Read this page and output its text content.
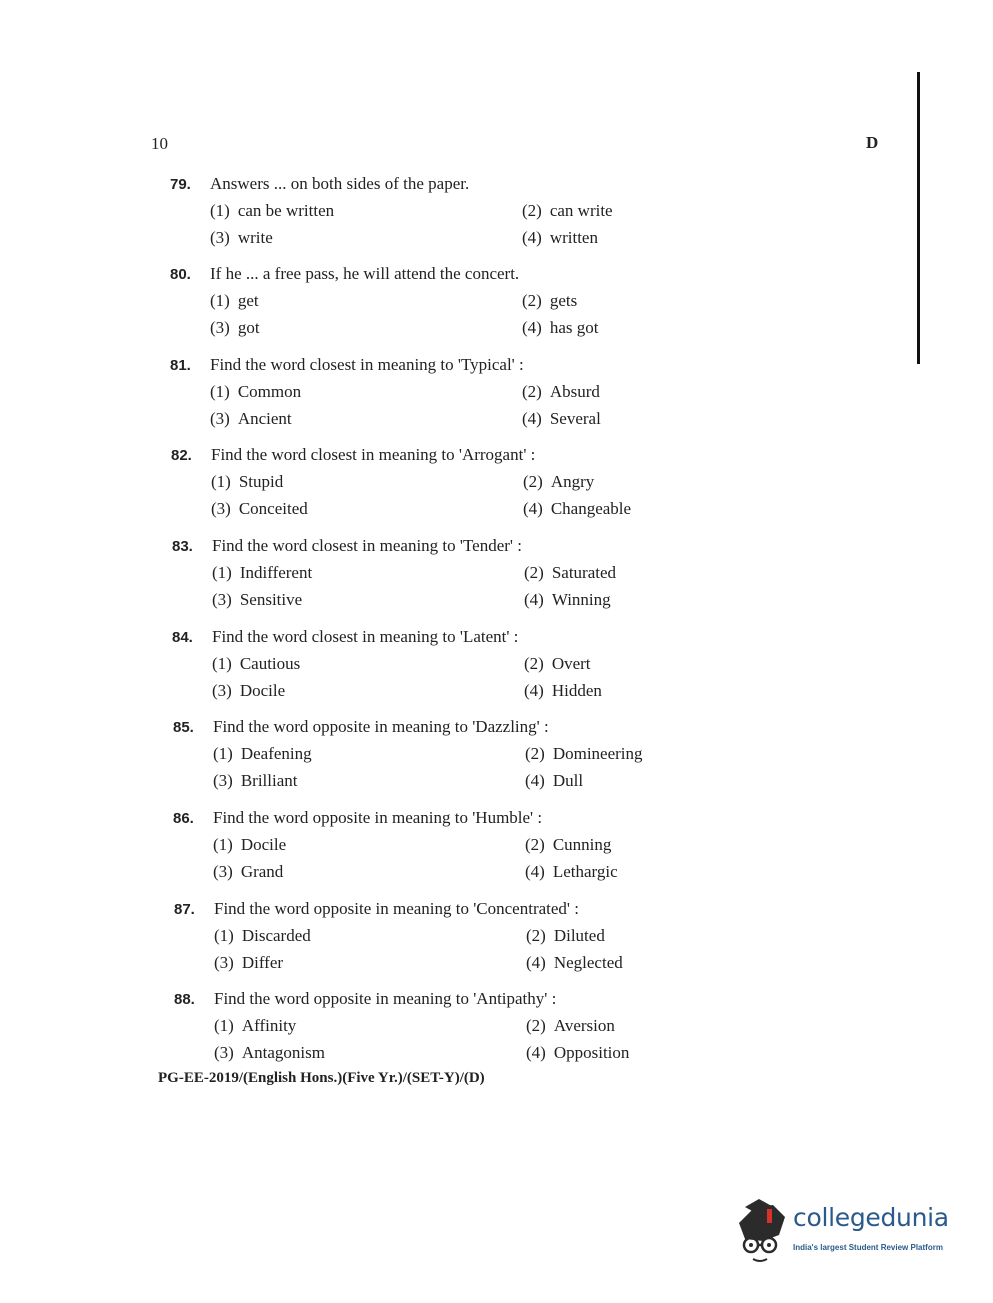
10	D
79. Answers ... on both sides of the paper.
(1) can be written	(2) can write
(3) write	(4) written
80. If he ... a free pass, he will attend the concert.
(1) get	(2) gets
(3) got	(4) has got
81. Find the word closest in meaning to 'Typical' :
(1) Common	(2) Absurd
(3) Ancient	(4) Several
82. Find the word closest in meaning to 'Arrogant' :
(1) Stupid	(2) Angry
(3) Conceited	(4) Changeable
83. Find the word closest in meaning to 'Tender' :
(1) Indifferent	(2) Saturated
(3) Sensitive	(4) Winning
84. Find the word closest in meaning to 'Latent' :
(1) Cautious	(2) Overt
(3) Docile	(4) Hidden
85. Find the word opposite in meaning to 'Dazzling' :
(1) Deafening	(2) Domineering
(3) Brilliant	(4) Dull
86. Find the word opposite in meaning to 'Humble' :
(1) Docile	(2) Cunning
(3) Grand	(4) Lethargic
87. Find the word opposite in meaning to 'Concentrated' :
(1) Discarded	(2) Diluted
(3) Differ	(4) Neglected
88. Find the word opposite in meaning to 'Antipathy' :
(1) Affinity	(2) Aversion
(3) Antagonism	(4) Opposition
PG-EE-2019/(English Hons.)(Five Yr.)/(SET-Y)/(D)
collegedunia
India's largest Student Review Platform
